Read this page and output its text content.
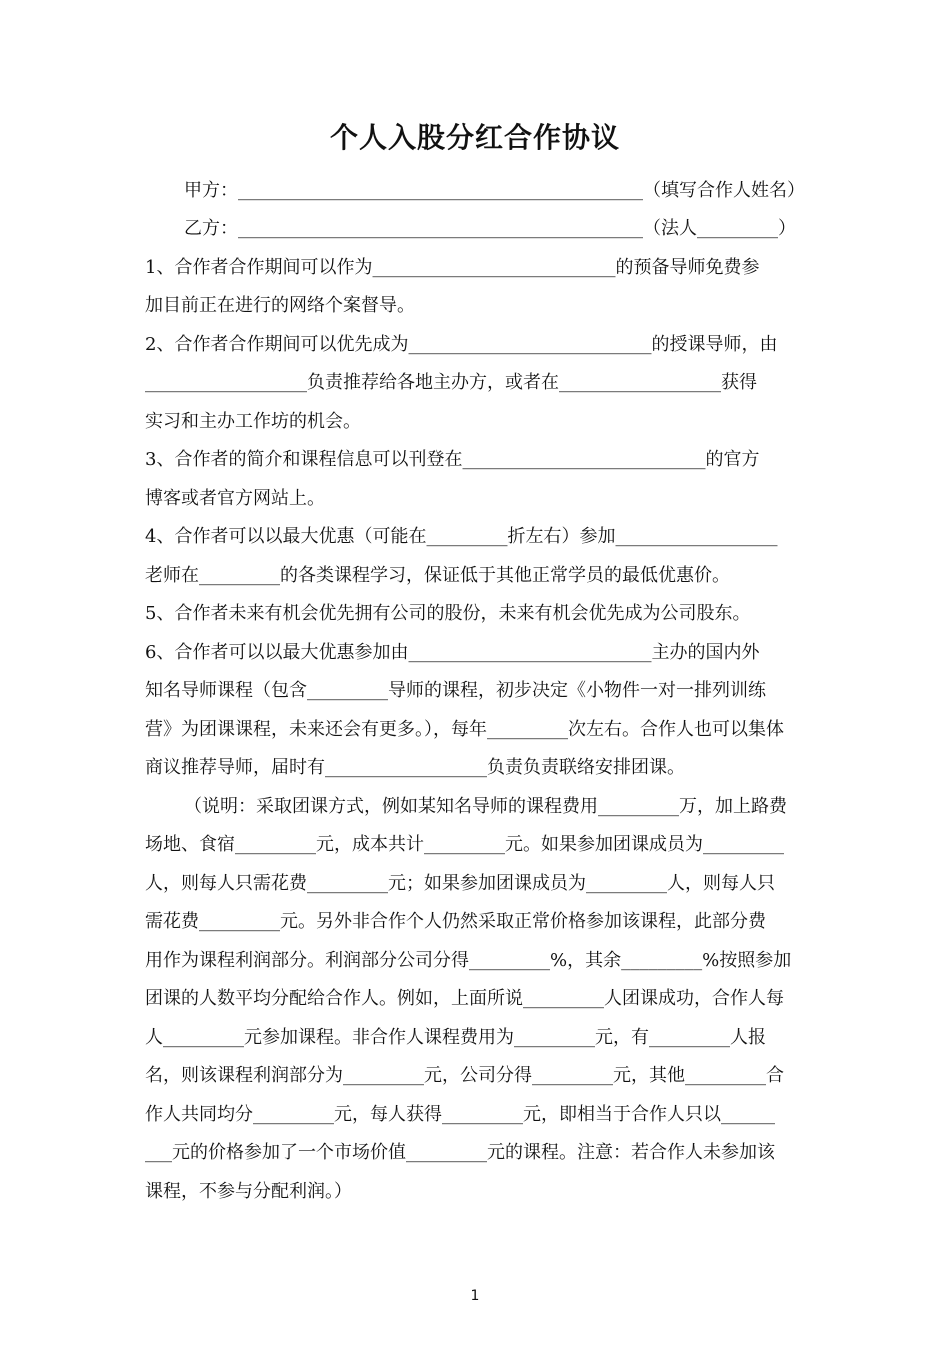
个人入股分红合作协议
甲方：_____________________________________________（填写合作人姓名）
乙方：_____________________________________________（法人_________）
1、合作者合作期间可以作为___________________________的预备导师免费参
加目前正在进行的网络个案督导。
2、合作者合作期间可以优先成为___________________________的授课导师，由
__________________负责推荐给各地主办方，或者在__________________获得
实习和主办工作坊的机会。
3、合作者的简介和课程信息可以刊登在___________________________的官方
博客或者官方网站上。
4、合作者可以以最大优惠（可能在_________折左右）参加__________________
老师在_________的各类课程学习，保证低于其他正常学员的最低优惠价。
5、合作者未来有机会优先拥有公司的股份，未来有机会优先成为公司股东。
6、合作者可以以最大优惠参加由___________________________主办的国内外
知名导师课程（包含_________导师的课程，初步决定《小物件一对一排列训练
营》为团课课程，未来还会有更多。），每年_________次左右。合作人也可以集体
商议推荐导师，届时有__________________负责负责联络安排团课。
（说明：采取团课方式，例如某知名导师的课程费用_________万，加上路费
场地、食宿_________元，成本共计_________元。如果参加团课成员为_________
人，则每人只需花费_________元；如果参加团课成员为_________人，则每人只
需花费_________元。另外非合作个人仍然采取正常价格参加该课程，此部分费
用作为课程利润部分。利润部分公司分得_________%，其余_________%按照参加
团课的人数平均分配给合作人。例如，上面所说_________人团课成功，合作人每
人_________元参加课程。非合作人课程费用为_________元，有_________人报
名，则该课程利润部分为_________元，公司分得_________元，其他_________合
作人共同均分_________元，每人获得_________元，即相当于合作人只以______
___元的价格参加了一个市场价值_________元的课程。注意：若合作人未参加该
课程，不参与分配利润。）
1
